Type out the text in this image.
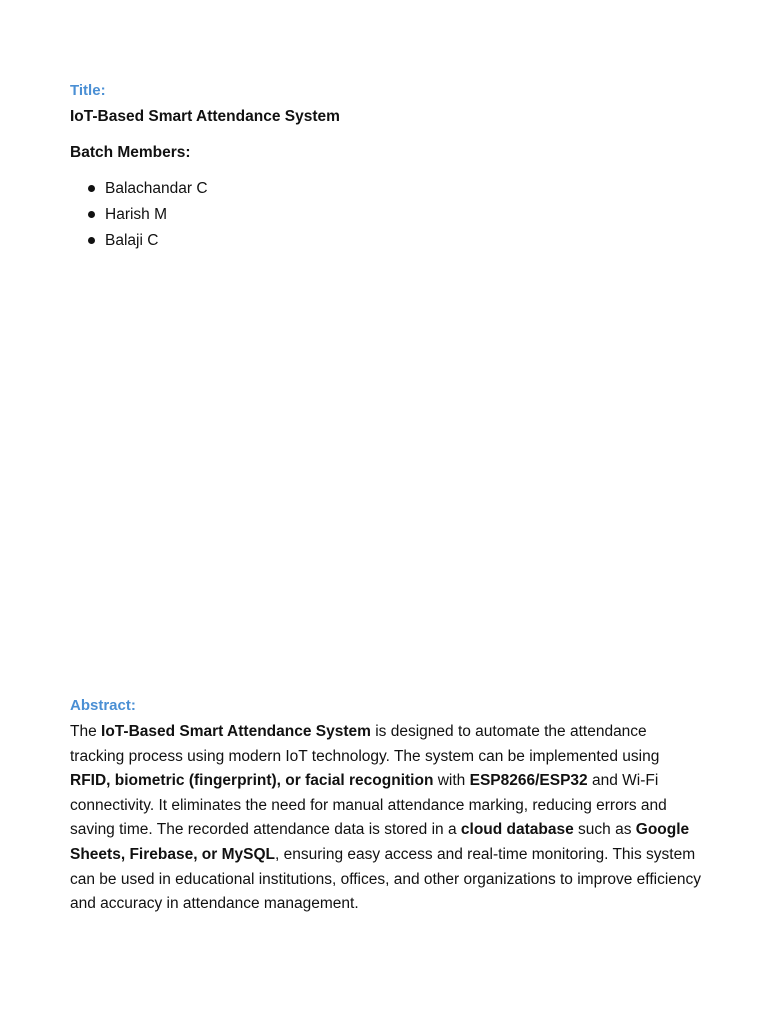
Title:

IoT-Based Smart Attendance System

Batch Members:

Balachandar C
Harish M
Balaji C

Abstract:

The IoT-Based Smart Attendance System is designed to automate the attendance tracking process using modern IoT technology. The system can be implemented using RFID, biometric (fingerprint), or facial recognition with ESP8266/ESP32 and Wi-Fi connectivity. It eliminates the need for manual attendance marking, reducing errors and saving time. The recorded attendance data is stored in a cloud database such as Google Sheets, Firebase, or MySQL, ensuring easy access and real-time monitoring. This system can be used in educational institutions, offices, and other organizations to improve efficiency and accuracy in attendance management.
